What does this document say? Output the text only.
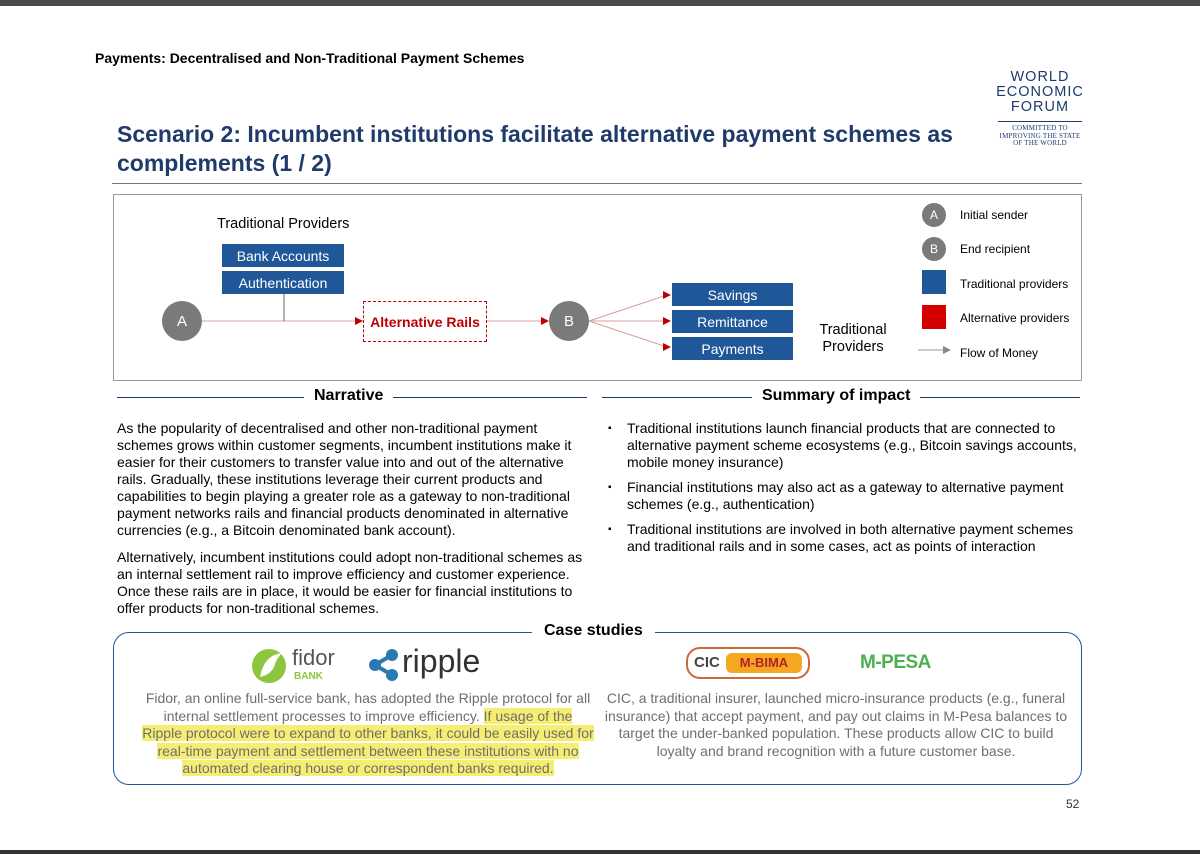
Payments: Decentralised and Non-Traditional Payment Schemes
WORLD
ECONOMIC
FORUM
COMMITTED TO
IMPROVING THE STATE
OF THE WORLD
Scenario 2: Incumbent institutions facilitate alternative payment schemes as complements (1 / 2)
Traditional Providers
Bank Accounts
Authentication
A	Alternative Rails	B
Savings
Remittance
Payments
Traditional
Providers
A	Initial sender
B	End recipient
Traditional providers
Alternative providers
Flow of Money
Narrative
As the popularity of decentralised and other non-traditional payment schemes grows within customer segments, incumbent institutions make it easier for their customers to transfer value into and out of the alternative rails. Gradually, these institutions leverage their current products and capabilities to begin playing a greater role as a gateway to non-traditional payment networks rails and financial products denominated in alternative currencies (e.g., a Bitcoin denominated bank account).
Alternatively, incumbent institutions could adopt non-traditional schemes as an internal settlement rail to improve efficiency and customer experience. Once these rails are in place, it would be easier for financial institutions to offer products for non-traditional schemes.
Summary of impact
▪ Traditional institutions launch financial products that are connected to alternative payment scheme ecosystems (e.g., Bitcoin savings accounts, mobile money insurance)
▪ Financial institutions may also act as a gateway to alternative payment schemes (e.g., authentication)
▪ Traditional institutions are involved in both alternative payment schemes and traditional rails and in some cases, act as points of interaction
Case studies
fidor
BANK ripple	CIC	M-BIMA	M-PESA
Fidor, an online full-service bank, has adopted the Ripple protocol for all internal settlement processes to improve efficiency. If usage of the Ripple protocol were to expand to other banks, it could be easily used for real-time payment and settlement between these institutions with no automated clearing house or correspondent banks required.
CIC, a traditional insurer, launched micro-insurance products (e.g., funeral insurance) that accept payment, and pay out claims in M-Pesa balances to target the under-banked population. These products allow CIC to build loyalty and brand recognition with a future customer base.
52
